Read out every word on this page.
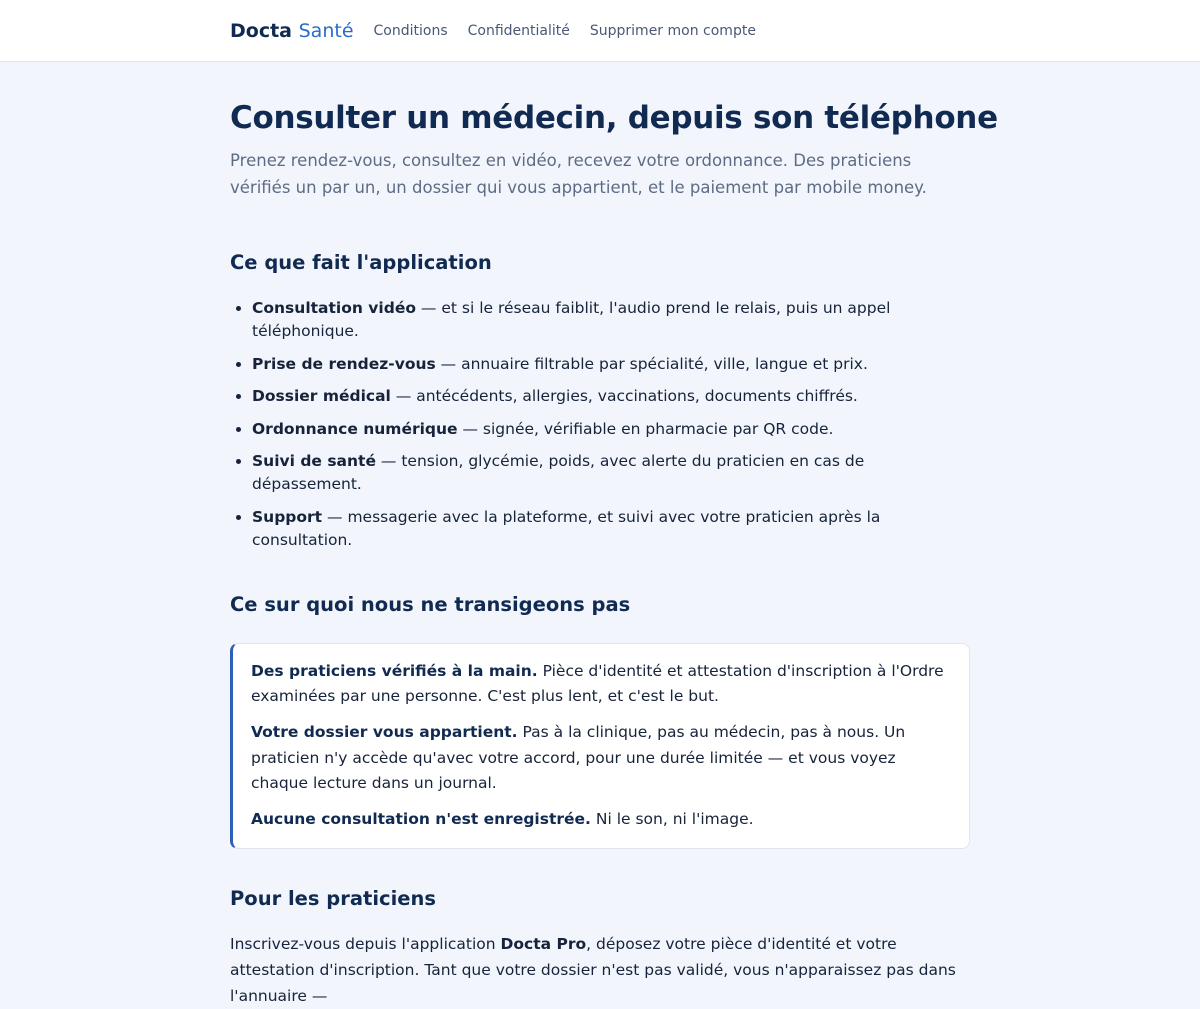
Docta Santé Conditions Confidentialité Supprimer mon compte
Consulter un médecin, depuis son téléphone

Prenez rendez-vous, consultez en vidéo, recevez votre ordonnance. Des praticiens vérifiés un par un, un dossier qui vous appartient, et le paiement par mobile money.

Ce que fait l'application
• Consultation vidéo — et si le réseau faiblit, l'audio prend le relais, puis un appel téléphonique.
• Prise de rendez-vous — annuaire filtrable par spécialité, ville, langue et prix.
• Dossier médical — antécédents, allergies, vaccinations, documents chiffrés.
• Ordonnance numérique — signée, vérifiable en pharmacie par QR code.
• Suivi de santé — tension, glycémie, poids, avec alerte du praticien en cas de dépassement.
• Support — messagerie avec la plateforme, et suivi avec votre praticien après la consultation.
Ce sur quoi nous ne transigeons pas

Des praticiens vérifiés à la main. Pièce d'identité et attestation d'inscription à l'Ordre examinées par une personne. C'est plus lent, et c'est le but.

Votre dossier vous appartient. Pas à la clinique, pas au médecin, pas à nous. Un praticien n'y accède qu'avec votre accord, pour une durée limitée — et vous voyez chaque lecture dans un journal.

Aucune consultation n'est enregistrée. Ni le son, ni l'image.

Pour les praticiens

Inscrivez-vous depuis l'application Docta Pro, déposez votre pièce d'identité et votre attestation d'inscription. Tant que votre dossier n'est pas validé, vous n'apparaissez pas dans l'annuaire —
